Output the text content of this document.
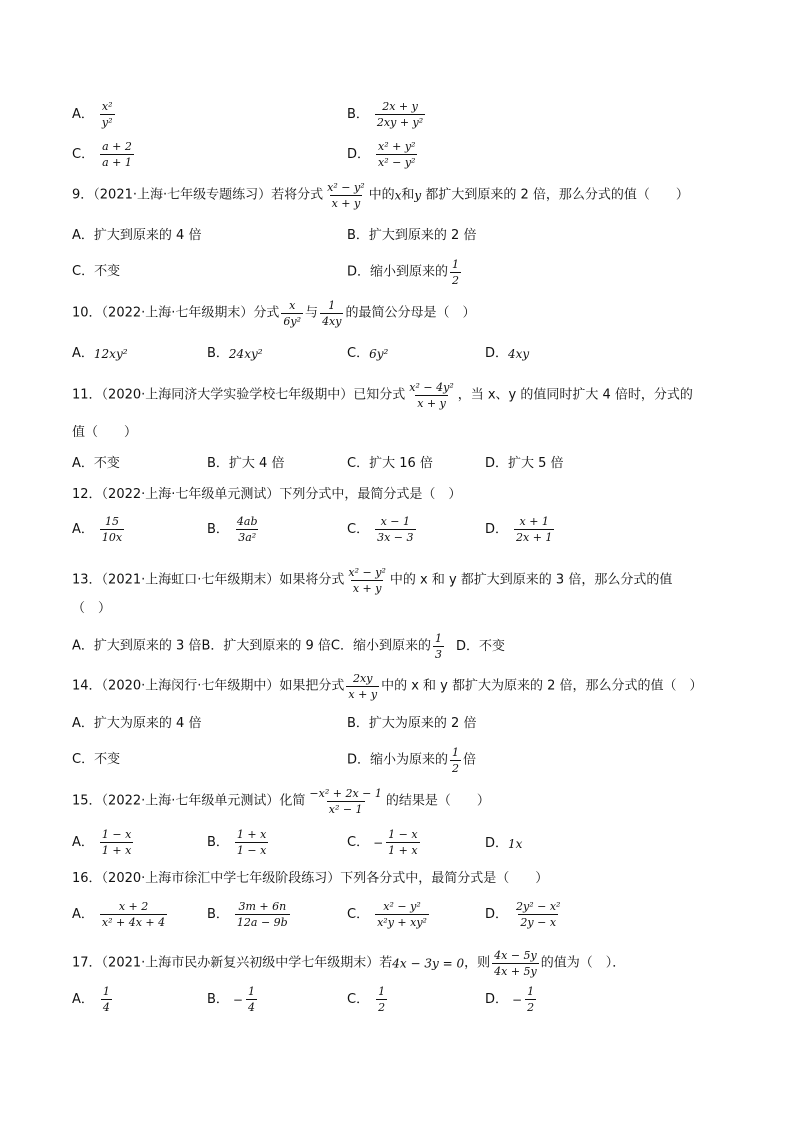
A． $\frac{\text{x²}}{\text{y²}}$	B． $\frac{2x + y}{\text{2xy + y²}}$
C． $\frac{a + 2}{a + 1}$	D． $\frac{\text{x² + y²}}{\text{x² − y²}}$
9．（2021·上海·七年级专题练习）若将分式 $\frac{\text{x² − y²}}{x + y}$ 中的x和y 都扩大到原来的 2 倍，那么分式的值（　　）
A．扩大到原来的 4 倍	B．扩大到原来的 2 倍
C．不变	D．缩小到原来的 $\frac{1}{2}$
10．（2022·上海·七年级期末）分式 $\frac{x}{\text{6y²}}$ 与 $\frac{1}{4xy}$ 的最简公分母是（　）
A．12xy²	B．24xy²	C．6y²	D．4xy
11．（2020·上海同济大学实验学校七年级期中）已知分式 $\frac{\text{x² − 4y²}}{x + y}$ ，当 x、y 的值同时扩大 4 倍时，分式的
值（　　）
A．不变	B．扩大 4 倍	C．扩大 16 倍	D．扩大 5 倍
12．（2022·上海·七年级单元测试）下列分式中，最简分式是（　）
A． $\frac{15}{10x}$	B． $\frac{4ab}{\text{3a²}}$	C． $\frac{x - 1}{3x - 3}$	D． $\frac{x + 1}{2x + 1}$
13．（2021·上海虹口·七年级期末）如果将分式 $\frac{\text{x² − y²}}{x + y}$ 中的 x 和 y 都扩大到原来的 3 倍，那么分式的值
（　）
A．扩大到原来的 3 倍B．扩大到原来的 9 倍C．缩小到原来的 $\frac{1}{3}$ D．不变
14．（2020·上海闵行·七年级期中）如果把分式 $\frac{2xy}{x + y}$ 中的 x 和 y 都扩大为原来的 2 倍，那么分式的值（　）
A．扩大为原来的 4 倍	B．扩大为原来的 2 倍
C．不变	D．缩小为原来的 $\frac{1}{2}$ 倍
15．（2022·上海·七年级单元测试）化简 $\frac{\text{−x² + 2x − 1}}{\text{x² − 1}}$ 的结果是（　　）
A． $\frac{1 - x}{1 + x}$	B． $\frac{1 + x}{1 - x}$	C． − $\frac{1 - x}{1 + x}$	D．1x
16．（2020·上海市徐汇中学七年级阶段练习）下列各分式中，最简分式是（　　）
A． $\frac{x + 2}{\text{x² + 4x + 4}}$	B． $\frac{3m + 6n}{12a - 9b}$	C． $\frac{\text{x² − y²}}{\text{x²y + xy²}}$	D． $\frac{\text{2y² − x²}}{2y - x}$
17．（2021·上海市民办新复兴初级中学七年级期末）若4x − 3y = 0，则 $\frac{4x - 5y}{4x + 5y}$ 的值为（　）．
A． $\frac{1}{4}$	B． − $\frac{1}{4}$	C． $\frac{1}{2}$	D． − $\frac{1}{2}$
